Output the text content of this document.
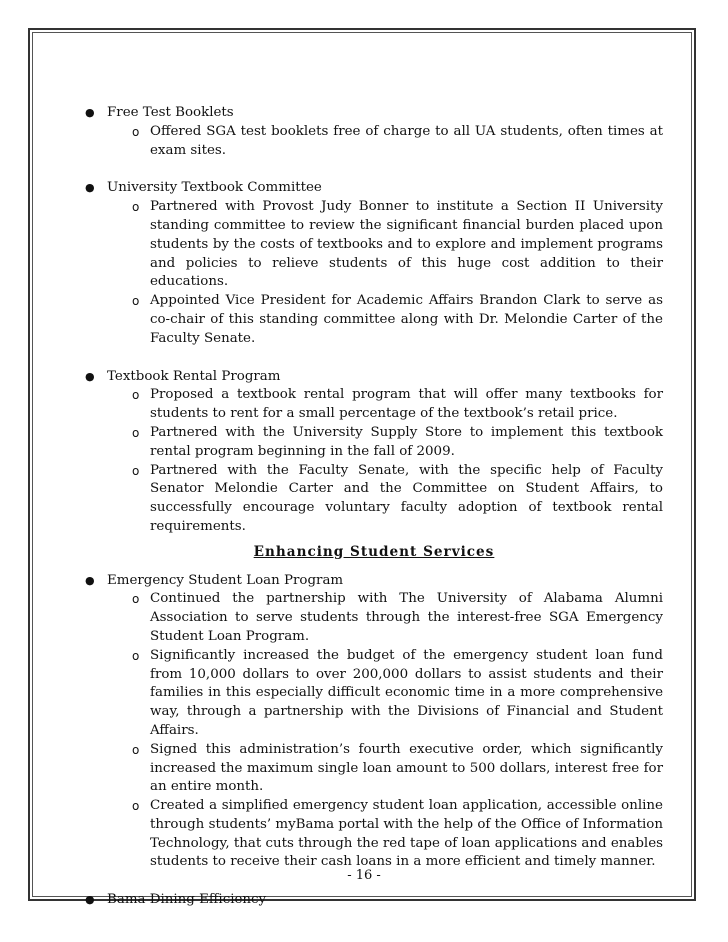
● Free Test Booklets
o Offered SGA test booklets free of charge to all UA students, often times at exam sites.
● University Textbook Committee
o Partnered with Provost Judy Bonner to institute a Section II University standing committee to review the significant financial burden placed upon students by the costs of textbooks and to explore and implement programs and policies to relieve students of this huge cost addition to their educations.
o Appointed Vice President for Academic Affairs Brandon Clark to serve as co-chair of this standing committee along with Dr. Melondie Carter of the Faculty Senate.
● Textbook Rental Program
o Proposed a textbook rental program that will offer many textbooks for students to rent for a small percentage of the textbook’s retail price.
o Partnered with the University Supply Store to implement this textbook rental program beginning in the fall of 2009.
o Partnered with the Faculty Senate, with the specific help of Faculty Senator Melondie Carter and the Committee on Student Affairs, to successfully encourage voluntary faculty adoption of textbook rental requirements.
Enhancing Student Services
● Emergency Student Loan Program
o Continued the partnership with The University of Alabama Alumni Association to serve students through the interest-free SGA Emergency Student Loan Program.
o Significantly increased the budget of the emergency student loan fund from 10,000 dollars to over 200,000 dollars to assist students and their families in this especially difficult economic time in a more comprehensive way, through a partnership with the Divisions of Financial and Student Affairs.
o Signed this administration’s fourth executive order, which significantly increased the maximum single loan amount to 500 dollars, interest free for an entire month.
o Created a simplified emergency student loan application, accessible online through students’ myBama portal with the help of the Office of Information Technology, that cuts through the red tape of loan applications and enables students to receive their cash loans in a more efficient and timely manner.
● Bama Dining Efficiency
- 16 -
